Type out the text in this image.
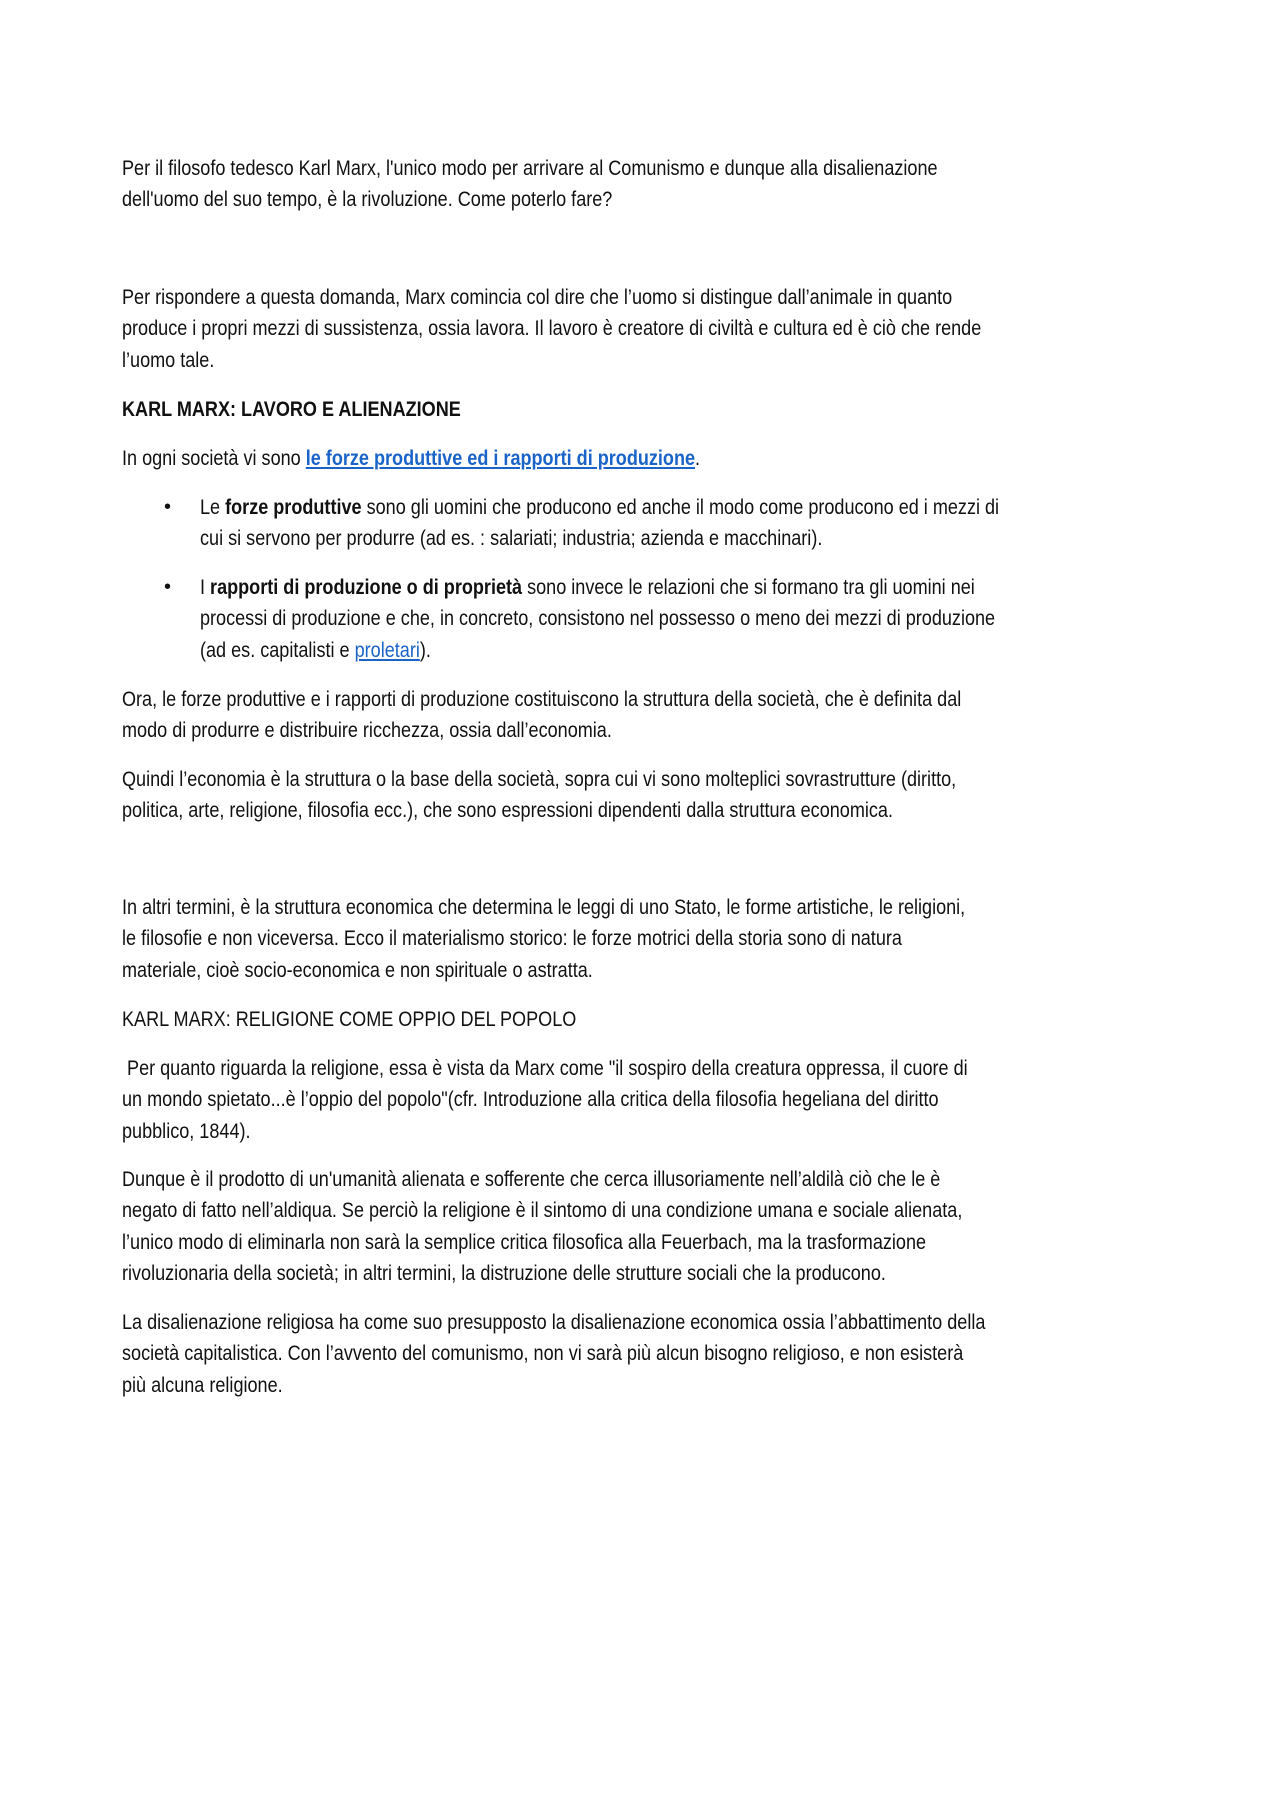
Per il filosofo tedesco Karl Marx, l'unico modo per arrivare al Comunismo e dunque alla disalienazione
dell'uomo del suo tempo, è la rivoluzione. Come poterlo fare?
Per rispondere a questa domanda, Marx comincia col dire che l’uomo si distingue dall’animale in quanto
produce i propri mezzi di sussistenza, ossia lavora. Il lavoro è creatore di civiltà e cultura ed è ciò che rende
l’uomo tale.
KARL MARX: LAVORO E ALIENAZIONE
In ogni società vi sono le forze produttive ed i rapporti di produzione.
• Le forze produttive sono gli uomini che producono ed anche il modo come producono ed i mezzi di
cui si servono per produrre (ad es. : salariati; industria; azienda e macchinari).
• I rapporti di produzione o di proprietà sono invece le relazioni che si formano tra gli uomini nei
processi di produzione e che, in concreto, consistono nel possesso o meno dei mezzi di produzione
(ad es. capitalisti e proletari).
Ora, le forze produttive e i rapporti di produzione costituiscono la struttura della società, che è definita dal
modo di produrre e distribuire ricchezza, ossia dall’economia.
Quindi l’economia è la struttura o la base della società, sopra cui vi sono molteplici sovrastrutture (diritto,
politica, arte, religione, filosofia ecc.), che sono espressioni dipendenti dalla struttura economica.
In altri termini, è la struttura economica che determina le leggi di uno Stato, le forme artistiche, le religioni,
le filosofie e non viceversa. Ecco il materialismo storico: le forze motrici della storia sono di natura
materiale, cioè socio-economica e non spirituale o astratta.
KARL MARX: RELIGIONE COME OPPIO DEL POPOLO
Per quanto riguarda la religione, essa è vista da Marx come "il sospiro della creatura oppressa, il cuore di
un mondo spietato...è l’oppio del popolo"(cfr. Introduzione alla critica della filosofia hegeliana del diritto
pubblico, 1844).
Dunque è il prodotto di un'umanità alienata e sofferente che cerca illusoriamente nell’aldilà ciò che le è
negato di fatto nell’aldiqua. Se perciò la religione è il sintomo di una condizione umana e sociale alienata,
l’unico modo di eliminarla non sarà la semplice critica filosofica alla Feuerbach, ma la trasformazione
rivoluzionaria della società; in altri termini, la distruzione delle strutture sociali che la producono.
La disalienazione religiosa ha come suo presupposto la disalienazione economica ossia l’abbattimento della
società capitalistica. Con l’avvento del comunismo, non vi sarà più alcun bisogno religioso, e non esisterà
più alcuna religione.
